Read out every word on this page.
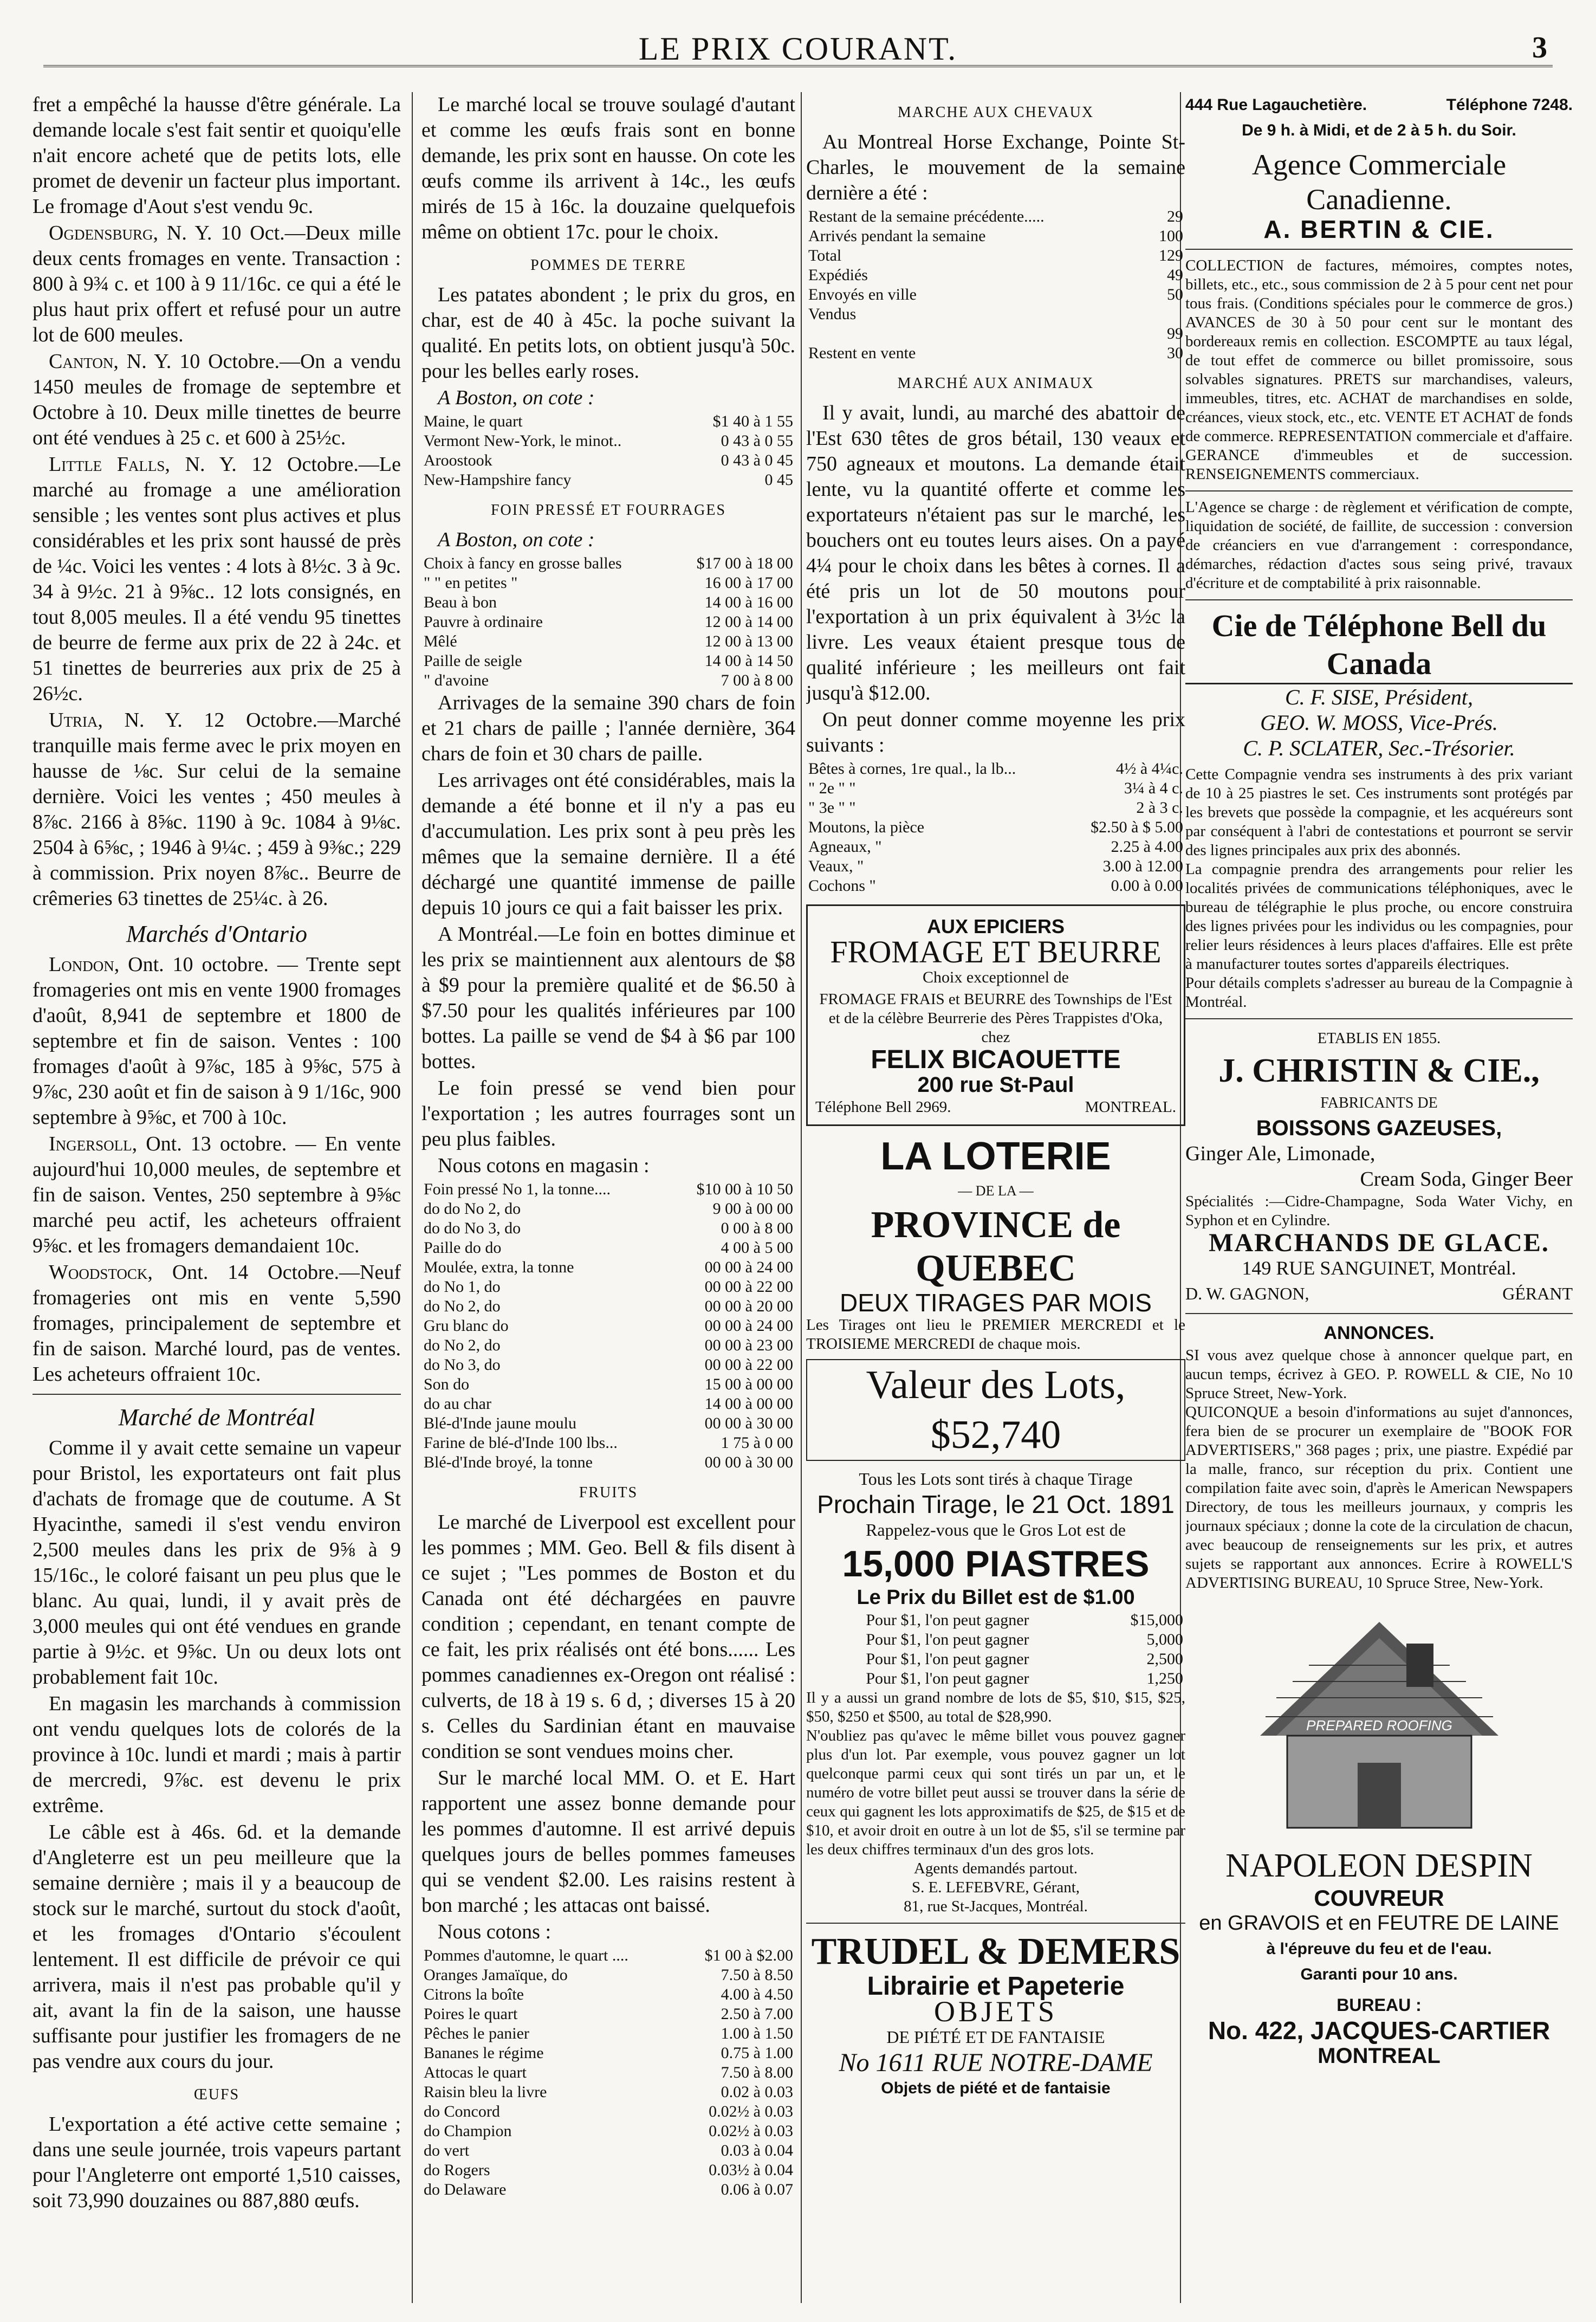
LE PRIX COURANT.	3

fret a empêché la hausse d'être générale. La demande locale s'est fait sentir et quoiqu'elle n'ait encore acheté que de petits lots, elle promet de devenir un facteur plus important. Le fromage d'Aout s'est vendu 9c.

Ogdensburg, N. Y. 10 Oct.—Deux mille deux cents fromages en vente. Transaction : 800 à 9¾ c. et 100 à 9 11/16c. ce qui a été le plus haut prix offert et refusé pour un autre lot de 600 meules.

Canton, N. Y. 10 Octobre.—On a vendu 1450 meules de fromage de septembre et Octobre à 10. Deux mille tinettes de beurre ont été vendues à 25 c. et 600 à 25½c.

Little Falls, N. Y. 12 Octobre.—Le marché au fromage a une amélioration sensible ; les ventes sont plus actives et plus considérables et les prix sont haussé de près de ¼c. Voici les ventes : 4 lots à 8½c. 3 à 9c. 34 à 9½c. 21 à 9⅝c.. 12 lots consignés, en tout 8,005 meules. Il a été vendu 95 tinettes de beurre de ferme aux prix de 22 à 24c. et 51 tinettes de beurreries aux prix de 25 à 26½c.

Utria, N. Y. 12 Octobre.—Marché tranquille mais ferme avec le prix moyen en hausse de ⅛c. Sur celui de la semaine dernière. Voici les ventes ; 450 meules à 8⅞c. 2166 à 8⅝c. 1190 à 9c. 1084 à 9⅛c. 2504 à 6⅝c, ; 1946 à 9¼c. ; 459 à 9⅜c.; 229 à commission. Prix noyen 8⅞c.. Beurre de crêmeries 63 tinettes de 25¼c. à 26.

Marchés d'Ontario

London, Ont. 10 octobre. — Trente sept fromageries ont mis en vente 1900 fromages d'août, 8,941 de septembre et 1800 de septembre et fin de saison. Ventes : 100 fromages d'août à 9⅞c, 185 à 9⅝c, 575 à 9⅞c, 230 août et fin de saison à 9 1/16c, 900 septembre à 9⅝c, et 700 à 10c.

Ingersoll, Ont. 13 octobre. — En vente aujourd'hui 10,000 meules, de septembre et fin de saison. Ventes, 250 septembre à 9⅝c marché peu actif, les acheteurs offraient 9⅝c. et les fromagers demandaient 10c.

Woodstock, Ont. 14 Octobre.—Neuf fromageries ont mis en vente 5,590 fromages, principalement de septembre et fin de saison. Marché lourd, pas de ventes. Les acheteurs offraient 10c.

Marché de Montréal

Comme il y avait cette semaine un vapeur pour Bristol, les exportateurs ont fait plus d'achats de fromage que de coutume. A St Hyacinthe, samedi il s'est vendu environ 2,500 meules dans les prix de 9⅝ à 9 15/16c., le coloré faisant un peu plus que le blanc. Au quai, lundi, il y avait près de 3,000 meules qui ont été vendues en grande partie à 9½c. et 9⅝c. Un ou deux lots ont probablement fait 10c.

En magasin les marchands à commission ont vendu quelques lots de colorés de la province à 10c. lundi et mardi ; mais à partir de mercredi, 9⅞c. est devenu le prix extrême.

Le câble est à 46s. 6d. et la demande d'Angleterre est un peu meilleure que la semaine dernière ; mais il y a beaucoup de stock sur le marché, surtout du stock d'août, et les fromages d'Ontario s'écoulent lentement. Il est difficile de prévoir ce qui arrivera, mais il n'est pas probable qu'il y ait, avant la fin de la saison, une hausse suffisante pour justifier les fromagers de ne pas vendre aux cours du jour.

ŒUFS

L'exportation a été active cette semaine ; dans une seule journée, trois vapeurs partant pour l'Angleterre ont emporté 1,510 caisses, soit 73,990 douzaines ou 887,880 œufs.

Le marché local se trouve soulagé d'autant et comme les œufs frais sont en bonne demande, les prix sont en hausse. On cote les œufs comme ils arrivent à 14c., les œufs mirés de 15 à 16c. la douzaine quelquefois même on obtient 17c. pour le choix.

POMMES DE TERRE

Les patates abondent ; le prix du gros, en char, est de 40 à 45c. la poche suivant la qualité. En petits lots, on obtient jusqu'à 50c. pour les belles early roses.

A Boston, on cote :

Maine, le quart	$1 40 à 1 55
Vermont New-York, le minot..	0 43 à 0 55
Aroostook	0 43 à 0 45
New-Hampshire fancy	0 45
FOIN PRESSÉ ET FOURRAGES

A Boston, on cote :

Choix à fancy en grosse balles	$17 00 à 18 00
" " en petites "	16 00 à 17 00
Beau à bon	14 00 à 16 00
Pauvre à ordinaire	12 00 à 14 00
Mêlé	12 00 à 13 00
Paille de seigle	14 00 à 14 50
" d'avoine	7 00 à 8 00

Arrivages de la semaine 390 chars de foin et 21 chars de paille ; l'année dernière, 364 chars de foin et 30 chars de paille.

Les arrivages ont été considérables, mais la demande a été bonne et il n'y a pas eu d'accumulation. Les prix sont à peu près les mêmes que la semaine dernière. Il a été déchargé une quantité immense de paille depuis 10 jours ce qui a fait baisser les prix.

A Montréal.—Le foin en bottes diminue et les prix se maintiennent aux alentours de $8 à $9 pour la première qualité et de $6.50 à $7.50 pour les qualités inférieures par 100 bottes. La paille se vend de $4 à $6 par 100 bottes.

Le foin pressé se vend bien pour l'exportation ; les autres fourrages sont un peu plus faibles.

Nous cotons en magasin :

Foin pressé No 1, la tonne....	$10 00 à 10 50
do do No 2, do	9 00 à 00 00
do do No 3, do	0 00 à 8 00
Paille do do	4 00 à 5 00
Moulée, extra, la tonne	00 00 à 24 00
do No 1, do	00 00 à 22 00
do No 2, do	00 00 à 20 00
Gru blanc do	00 00 à 24 00
do No 2, do	00 00 à 23 00
do No 3, do	00 00 à 22 00
Son do	15 00 à 00 00
do au char	14 00 à 00 00
Blé-d'Inde jaune moulu	00 00 à 30 00
Farine de blé-d'Inde 100 lbs...	1 75 à 0 00
Blé-d'Inde broyé, la tonne	00 00 à 30 00
FRUITS

Le marché de Liverpool est excellent pour les pommes ; MM. Geo. Bell & fils disent à ce sujet ; "Les pommes de Boston et du Canada ont été déchargées en pauvre condition ; cependant, en tenant compte de ce fait, les prix réalisés ont été bons...... Les pommes canadiennes ex-Oregon ont réalisé : culverts, de 18 à 19 s. 6 d, ; diverses 15 à 20 s. Celles du Sardinian étant en mauvaise condition se sont vendues moins cher.

Sur le marché local MM. O. et E. Hart rapportent une assez bonne demande pour les pommes d'automne. Il est arrivé depuis quelques jours de belles pommes fameuses qui se vendent $2.00. Les raisins restent à bon marché ; les attacas ont baissé.

Nous cotons :

Pommes d'automne, le quart ....	$1 00 à $2.00
Oranges Jamaïque, do	7.50 à 8.50
Citrons la boîte	4.00 à 4.50
Poires le quart	2.50 à 7.00
Pêches le panier	1.00 à 1.50
Bananes le régime	0.75 à 1.00
Attocas le quart	7.50 à 8.00
Raisin bleu la livre	0.02 à 0.03
do Concord	0.02½ à 0.03
do Champion	0.02½ à 0.03
do vert	0.03 à 0.04
do Rogers	0.03½ à 0.04
do Delaware	0.06 à 0.07
MARCHE AUX CHEVAUX

Au Montreal Horse Exchange, Pointe St-Charles, le mouvement de la semaine dernière a été :

Restant de la semaine précédente.....	29
Arrivés pendant la semaine	100
Total	129
Expédiés	49
Envoyés en ville	50
Vendus	
	99
Restent en vente	30
MARCHÉ AUX ANIMAUX

Il y avait, lundi, au marché des abattoir de l'Est 630 têtes de gros bétail, 130 veaux et 750 agneaux et moutons. La demande était lente, vu la quantité offerte et comme les exportateurs n'étaient pas sur le marché, les bouchers ont eu toutes leurs aises. On a payé 4¼ pour le choix dans les bêtes à cornes. Il a été pris un lot de 50 moutons pour l'exportation à un prix équivalent à 3½c la livre. Les veaux étaient presque tous de qualité inférieure ; les meilleurs ont fait jusqu'à $12.00.

On peut donner comme moyenne les prix suivants :

Bêtes à cornes, 1re qual., la lb...	4½ à 4¼c.
" 2e " "	3¼ à 4 c.
" 3e " "	2 à 3 c.
Moutons, la pièce	$2.50 à $ 5.00
Agneaux, "	2.25 à 4.00
Veaux, "	3.00 à 12.00
Cochons "	0.00 à 0.00
AUX EPICIERS
FROMAGE ET BEURRE
Choix exceptionnel de
FROMAGE FRAIS et BEURRE des Townships de l'Est et de la célèbre Beurrerie des Pères Trappistes d'Oka, chez
FELIX BICAOUETTE
200 rue St-Paul
Téléphone Bell 2969.	MONTREAL.
LA LOTERIE
— DE LA —
PROVINCE de QUEBEC
DEUX TIRAGES PAR MOIS
Les Tirages ont lieu le PREMIER MERCREDI et le TROISIEME MERCREDI de chaque mois.
Valeur des Lots, $52,740
Tous les Lots sont tirés à chaque Tirage
Prochain Tirage, le 21 Oct. 1891
Rappelez-vous que le Gros Lot est de
15,000 PIASTRES
Le Prix du Billet est de $1.00
Pour $1, l'on peut gagner	$15,000
Pour $1, l'on peut gagner	5,000
Pour $1, l'on peut gagner	2,500
Pour $1, l'on peut gagner	1,250
Il y a aussi un grand nombre de lots de $5, $10, $15, $25, $50, $250 et $500, au total de $28,990.
N'oubliez pas qu'avec le même billet vous pouvez gagner plus d'un lot. Par exemple, vous pouvez gagner un lot quelconque parmi ceux qui sont tirés un par un, et le numéro de votre billet peut aussi se trouver dans la série de ceux qui gagnent les lots approximatifs de $25, de $15 et de $10, et avoir droit en outre à un lot de $5, s'il se termine par les deux chiffres terminaux d'un des gros lots.
Agents demandés partout.
S. E. LEFEBVRE, Gérant,
81, rue St-Jacques, Montréal.
TRUDEL & DEMERS
Librairie et Papeterie
OBJETS
DE PIÉTÉ ET DE FANTAISIE
No 1611 RUE NOTRE-DAME
Objets de piété et de fantaisie
444 Rue Lagauchetière.	Téléphone 7248.
De 9 h. à Midi, et de 2 à 5 h. du Soir.
Agence Commerciale Canadienne.
A. BERTIN & CIE.
COLLECTION de factures, mémoires, comptes notes, billets, etc., etc., sous commission de 2 à 5 pour cent net pour tous frais. (Conditions spéciales pour le commerce de gros.) AVANCES de 30 à 50 pour cent sur le montant des bordereaux remis en collection. ESCOMPTE au taux légal, de tout effet de commerce ou billet promissoire, sous solvables signatures. PRETS sur marchandises, valeurs, immeubles, titres, etc. ACHAT de marchandises en solde, créances, vieux stock, etc., etc. VENTE ET ACHAT de fonds de commerce. REPRESENTATION commerciale et d'affaire. GERANCE d'immeubles et de succession. RENSEIGNEMENTS commerciaux.
L'Agence se charge : de règlement et vérification de compte, liquidation de société, de faillite, de succession : conversion de créanciers en vue d'arrangement : correspondance, démarches, rédaction d'actes sous seing privé, travaux d'écriture et de comptabilité à prix raisonnable.
Cie de Téléphone Bell du Canada
C. F. SISE, Président,
GEO. W. MOSS, Vice-Prés.
C. P. SCLATER, Sec.-Trésorier.
Cette Compagnie vendra ses instruments à des prix variant de 10 à 25 piastres le set. Ces instruments sont protégés par les brevets que possède la compagnie, et les acquéreurs sont par conséquent à l'abri de contestations et pourront se servir des lignes principales aux prix des abonnés.
La compagnie prendra des arrangements pour relier les localités privées de communications téléphoniques, avec le bureau de télégraphie le plus proche, ou encore construira des lignes privées pour les individus ou les compagnies, pour relier leurs résidences à leurs places d'affaires. Elle est prête à manufacturer toutes sortes d'appareils électriques.
Pour détails complets s'adresser au bureau de la Compagnie à Montréal.
ETABLIS EN 1855.
J. CHRISTIN & CIE.,
FABRICANTS DE
BOISSONS GAZEUSES,
Ginger Ale, Limonade,
Cream Soda, Ginger Beer
Spécialités :—Cidre-Champagne, Soda Water Vichy, en Syphon et en Cylindre.
MARCHANDS DE GLACE.
149 RUE SANGUINET, Montréal.
D. W. GAGNON,	GÉRANT
ANNONCES.
SI vous avez quelque chose à annoncer quelque part, en aucun temps, écrivez à GEO. P. ROWELL & CIE, No 10 Spruce Street, New-York.
QUICONQUE a besoin d'informations au sujet d'annonces, fera bien de se procurer un exemplaire de "BOOK FOR ADVERTISERS," 368 pages ; prix, une piastre. Expédié par la malle, franco, sur réception du prix. Contient une compilation faite avec soin, d'après le American Newspapers Directory, de tous les meilleurs journaux, y compris les journaux spéciaux ; donne la cote de la circulation de chacun, avec beaucoup de renseignements sur les prix, et autres sujets se rapportant aux annonces. Ecrire à ROWELL'S ADVERTISING BUREAU, 10 Spruce Stree, New-York.
PREPARED ROOFING
NAPOLEON DESPIN
COUVREUR
en GRAVOIS et en FEUTRE DE LAINE
à l'épreuve du feu et de l'eau.
Garanti pour 10 ans.
BUREAU :
No. 422, JACQUES-CARTIER
MONTREAL
